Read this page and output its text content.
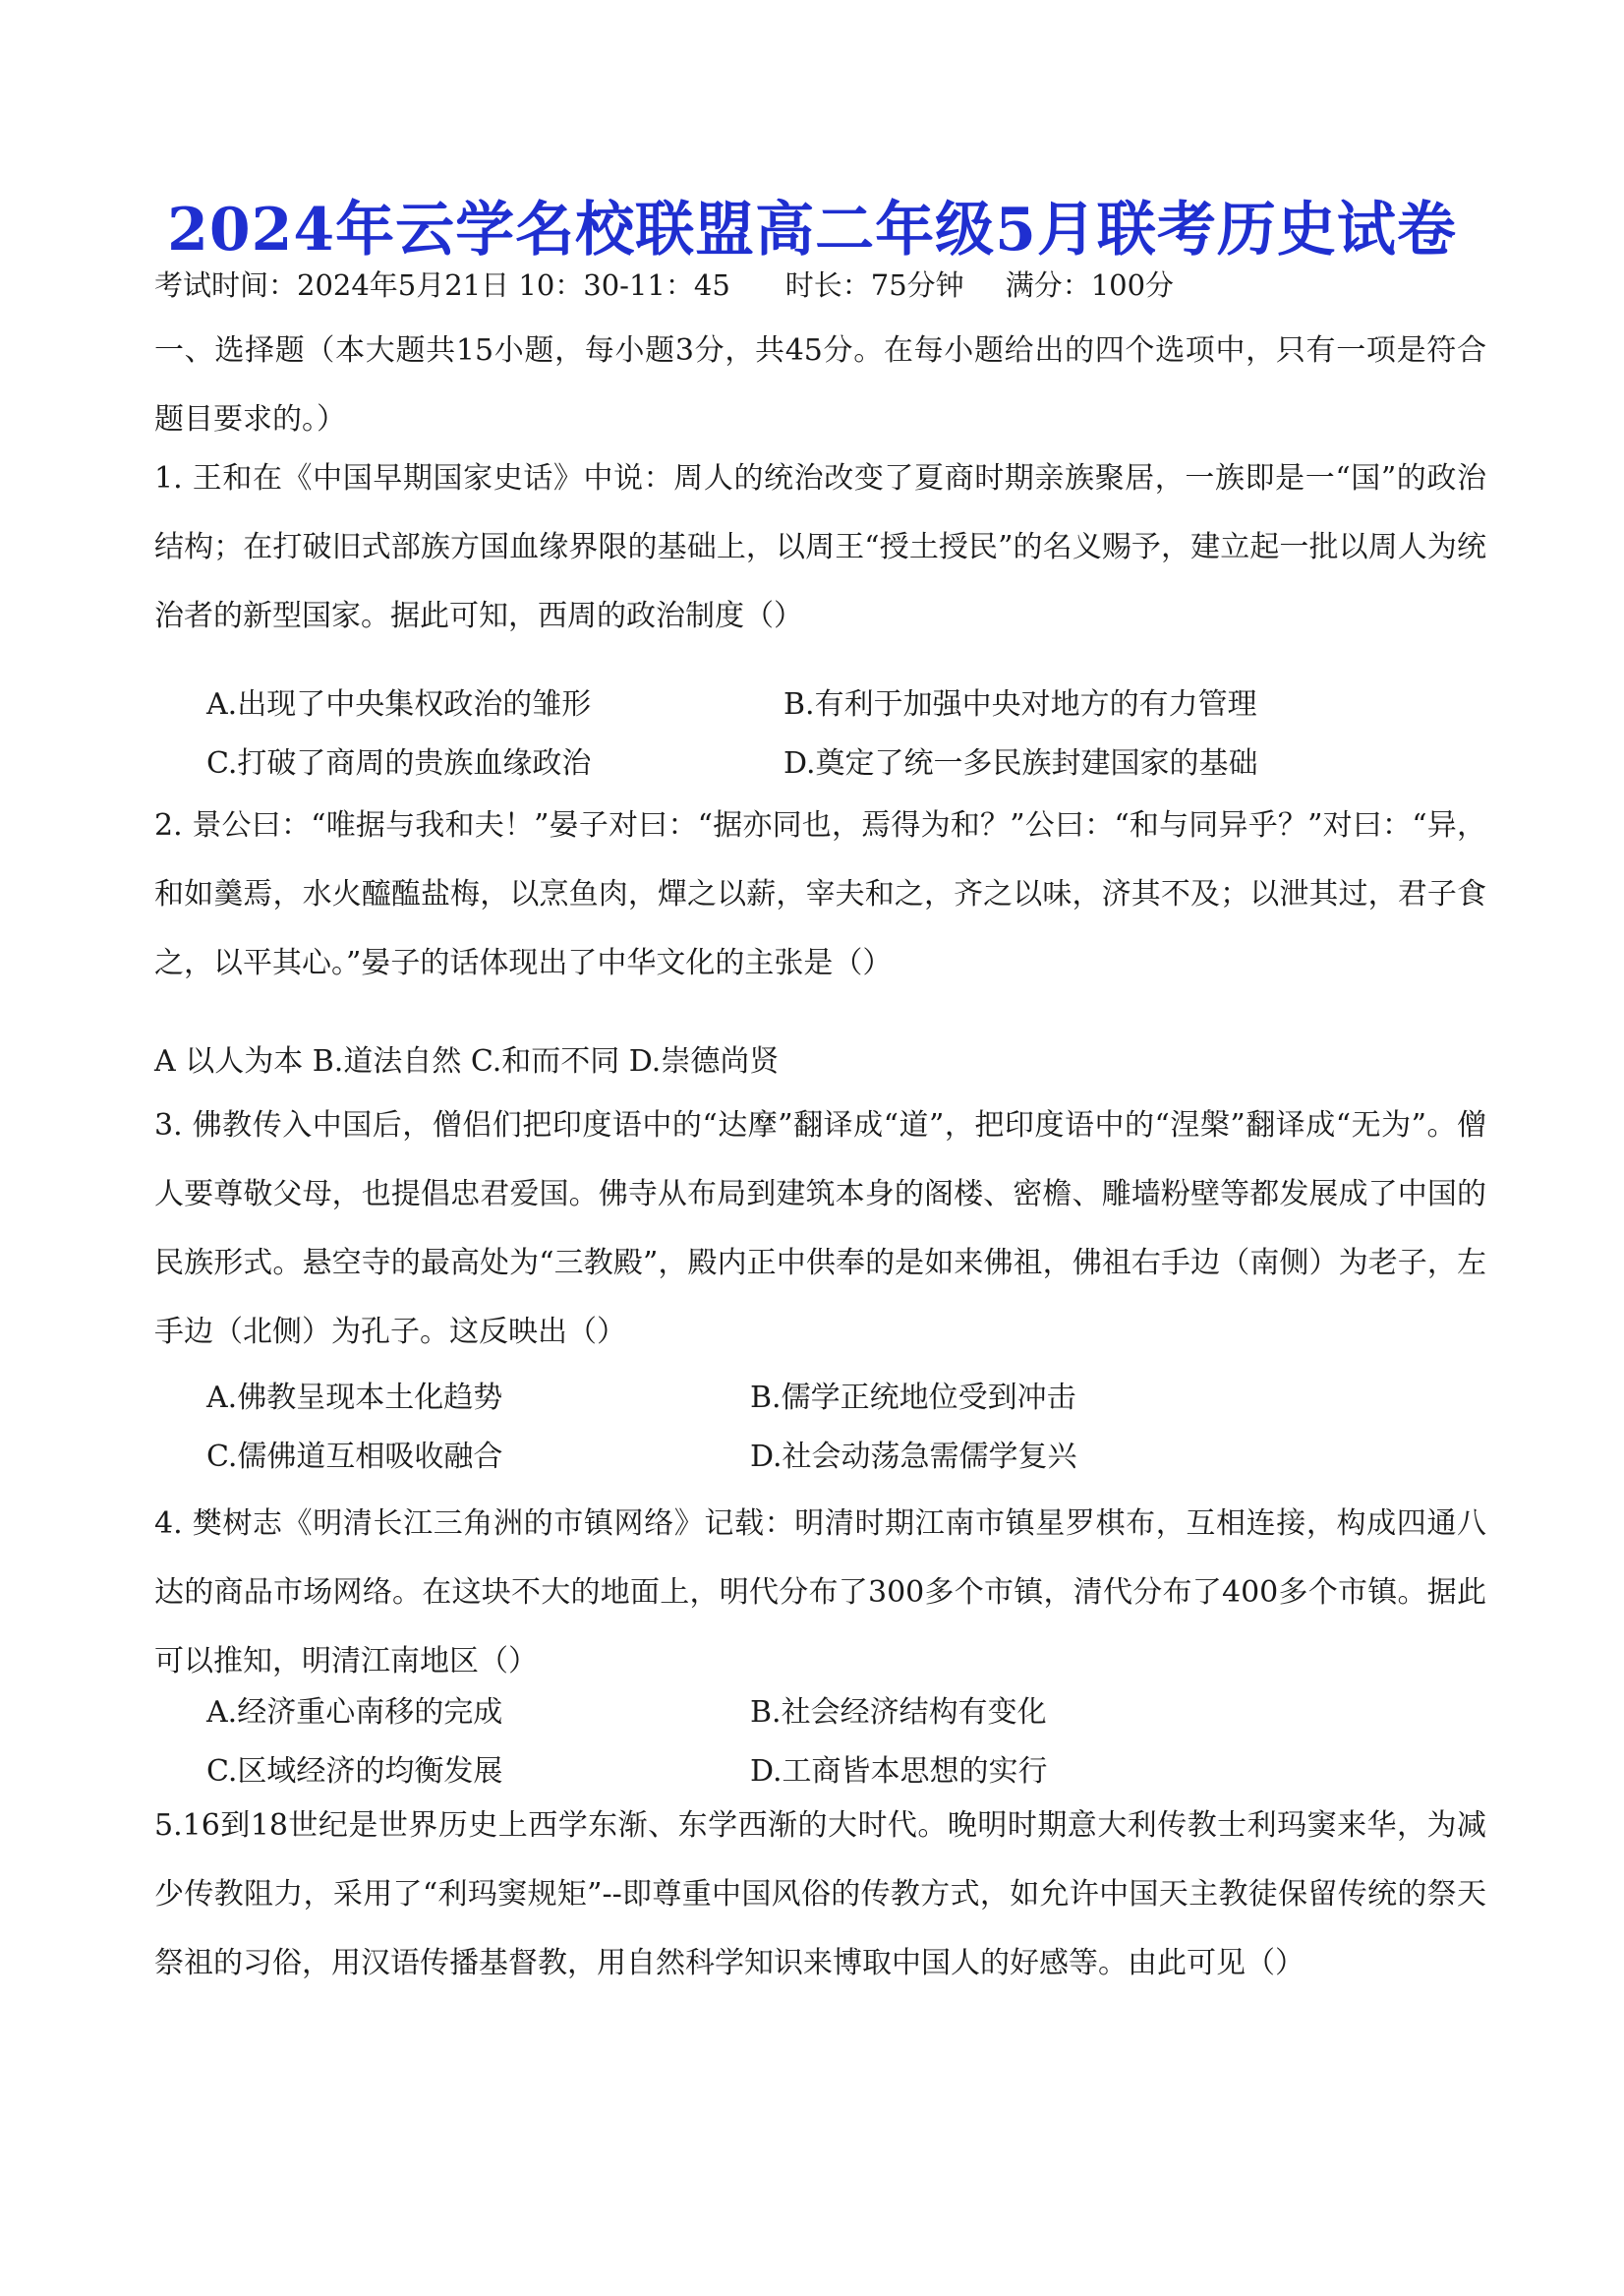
2024年云学名校联盟高二年级5月联考历史试卷
考试时间：2024年5月21日 10：30-11：45 时长：75分钟 满分：100分
一、选择题（本大题共15小题，每小题3分，共45分。在每小题给出的四个选项中，只有一项是符合题目要求的。）
1. 王和在《中国早期国家史话》中说：周人的统治改变了夏商时期亲族聚居，一族即是一“国”的政治结构；在打破旧式部族方国血缘界限的基础上，以周王“授土授民”的名义赐予，建立起一批以周人为统治者的新型国家。据此可知，西周的政治制度（）
A.出现了中央集权政治的雏形	B.有利于加强中央对地方的有力管理
C.打破了商周的贵族血缘政治	D.奠定了统一多民族封建国家的基础
2. 景公曰：“唯据与我和夫！”晏子对曰：“据亦同也，焉得为和？”公曰：“和与同异乎？”对曰：“异，和如羹焉，水火醯醢盐梅，以烹鱼肉，燀之以薪，宰夫和之，齐之以味，济其不及；以泄其过，君子食之，以平其心。”晏子的话体现出了中华文化的主张是（）
A 以人为本 B.道法自然 C.和而不同 D.崇德尚贤
3. 佛教传入中国后，僧侣们把印度语中的“达摩”翻译成“道”，把印度语中的“涅槃”翻译成“无为”。僧人要尊敬父母，也提倡忠君爱国。佛寺从布局到建筑本身的阁楼、密檐、雕墙粉壁等都发展成了中国的民族形式。悬空寺的最高处为“三教殿”，殿内正中供奉的是如来佛祖，佛祖右手边（南侧）为老子，左手边（北侧）为孔子。这反映出（）
A.佛教呈现本土化趋势	B.儒学正统地位受到冲击
C.儒佛道互相吸收融合	D.社会动荡急需儒学复兴
4. 樊树志《明清长江三角洲的市镇网络》记载：明清时期江南市镇星罗棋布，互相连接，构成四通八达的商品市场网络。在这块不大的地面上，明代分布了300多个市镇，清代分布了400多个市镇。据此可以推知，明清江南地区（）
A.经济重心南移的完成	B.社会经济结构有变化
C.区域经济的均衡发展	D.工商皆本思想的实行
5.16到18世纪是世界历史上西学东渐、东学西渐的大时代。晚明时期意大利传教士利玛窦来华，为减少传教阻力，采用了“利玛窦规矩”--即尊重中国风俗的传教方式，如允许中国天主教徒保留传统的祭天祭祖的习俗，用汉语传播基督教，用自然科学知识来博取中国人的好感等。由此可见（）
